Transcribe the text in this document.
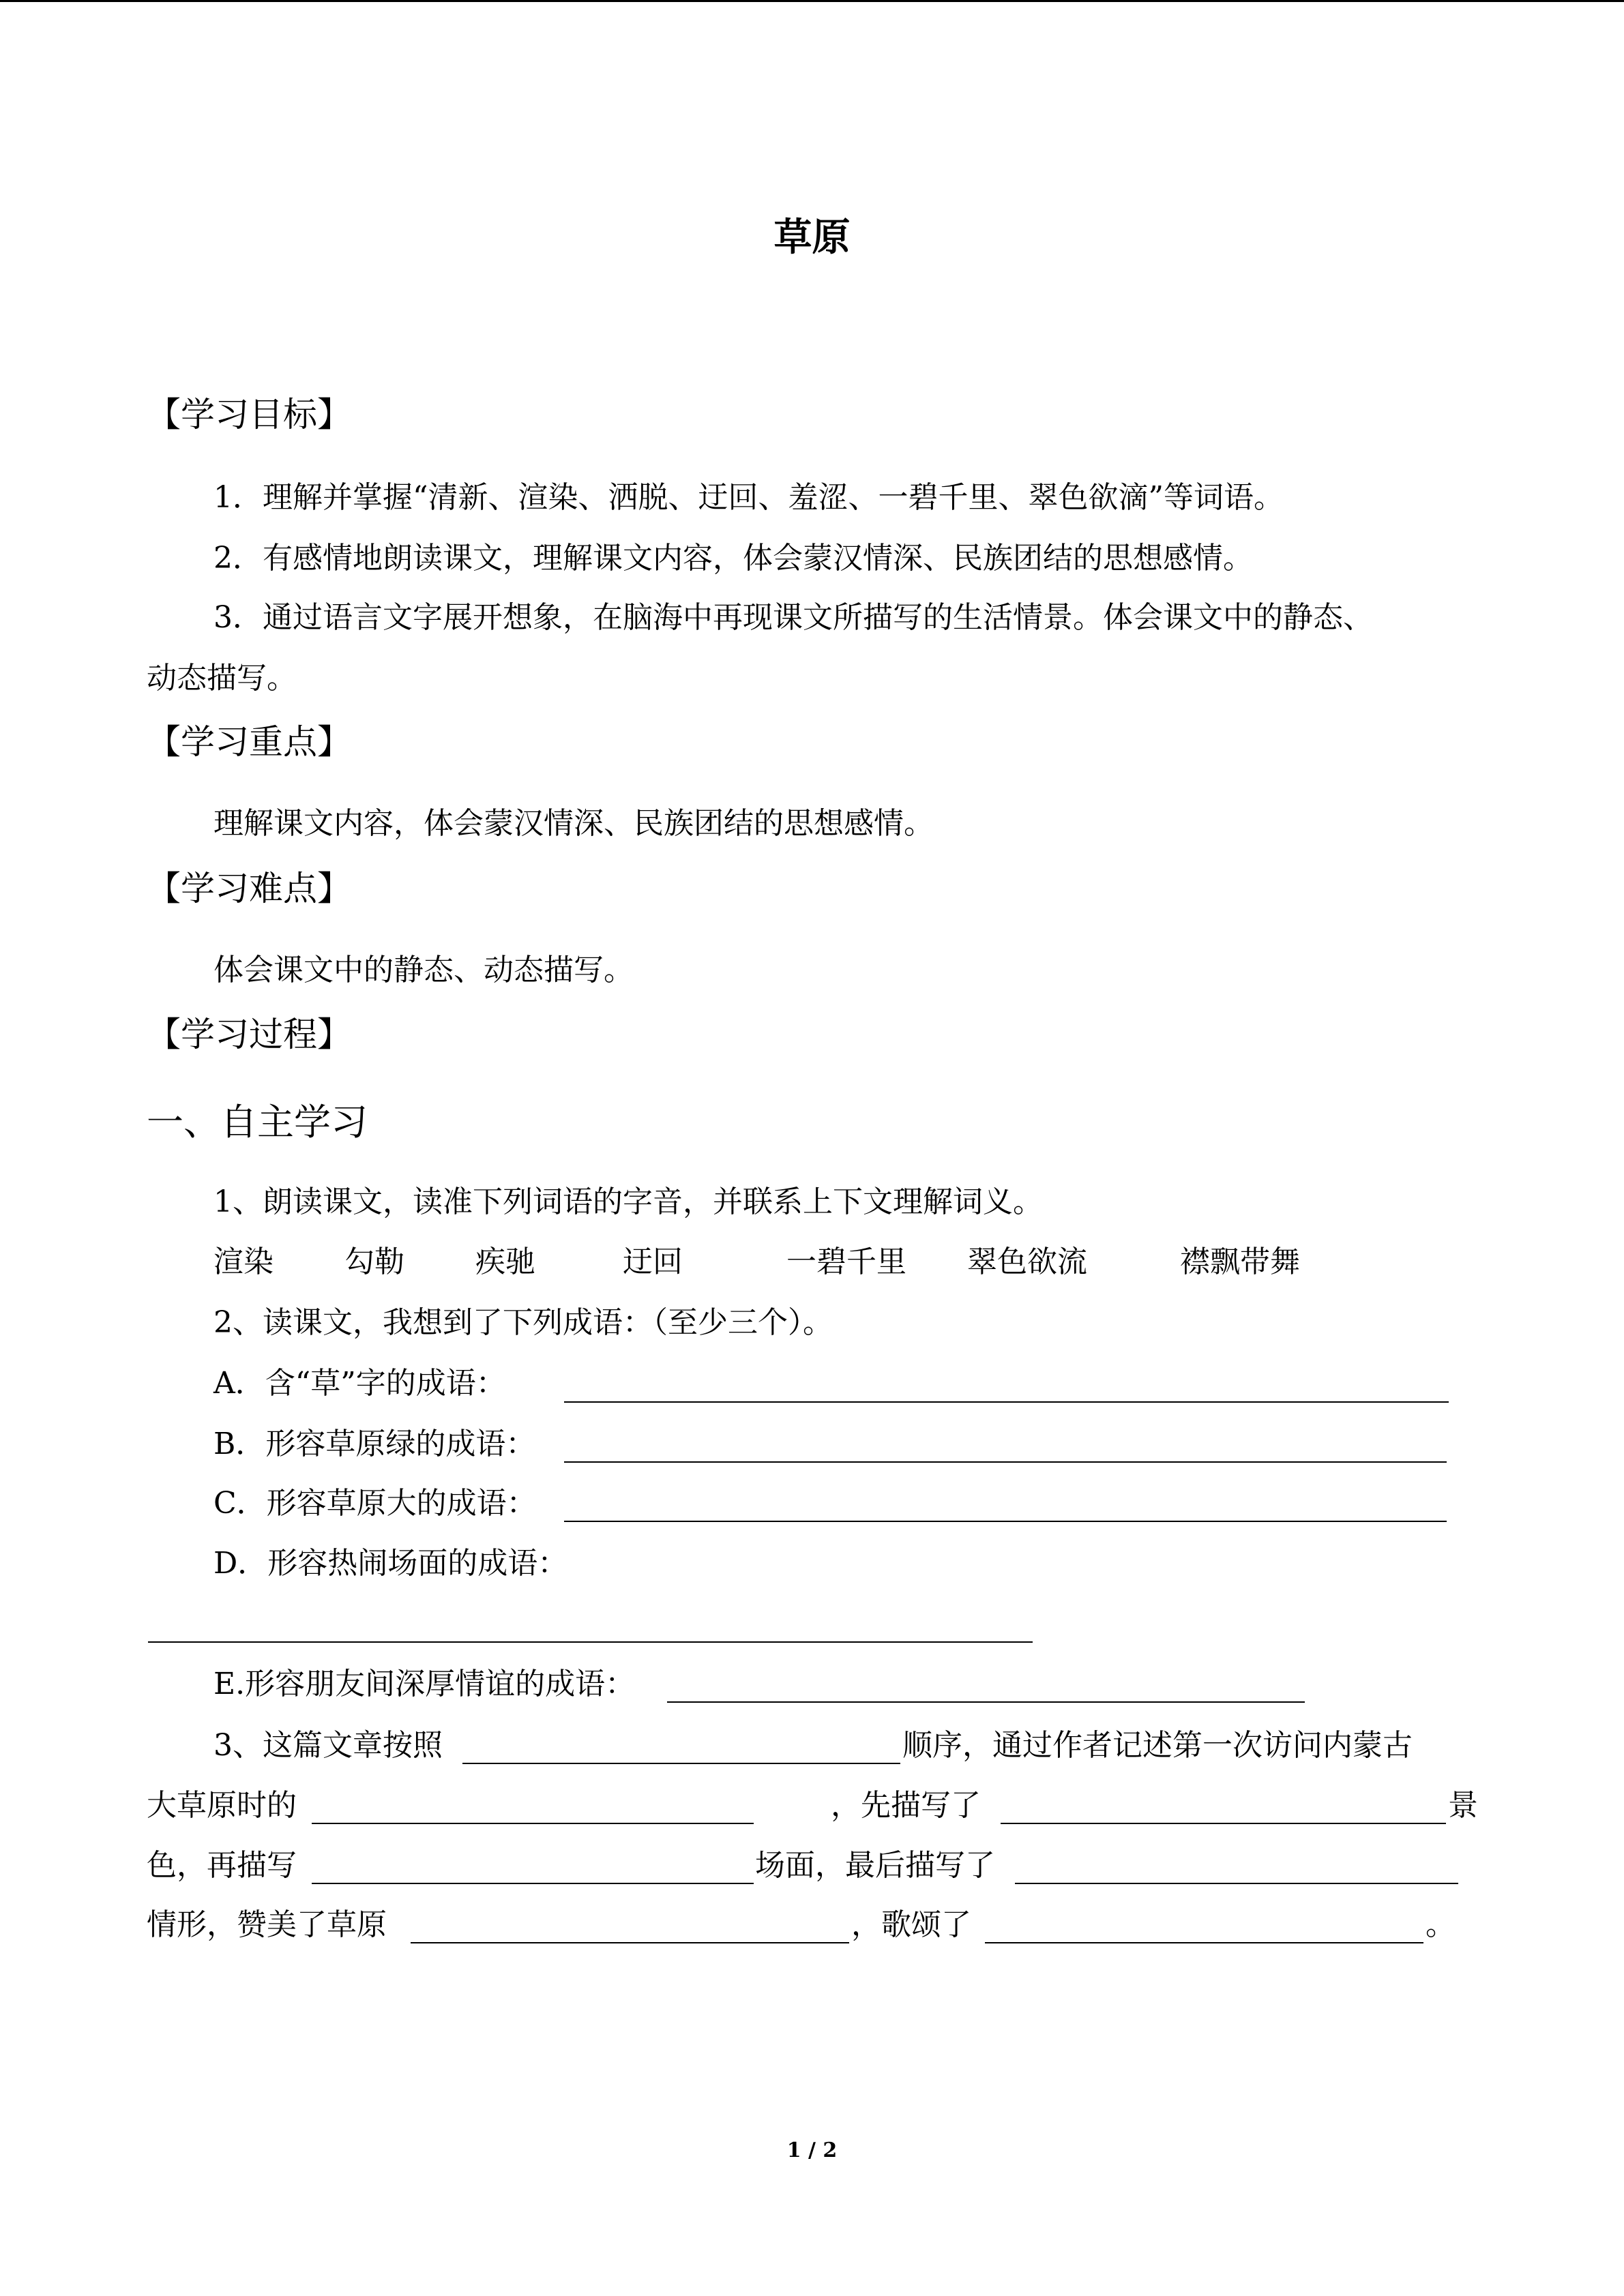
草原
【学习目标】
1．理解并掌握“清新、渲染、洒脱、迂回、羞涩、一碧千里、翠色欲滴”等词语。
2．有感情地朗读课文，理解课文内容，体会蒙汉情深、民族团结的思想感情。
3．通过语言文字展开想象，在脑海中再现课文所描写的生活情景。体会课文中的静态、
动态描写。
【学习重点】
理解课文内容，体会蒙汉情深、民族团结的思想感情。
【学习难点】
体会课文中的静态、动态描写。
【学习过程】
一、自主学习
1、朗读课文，读准下列词语的字音，并联系上下文理解词义。
渲染 勾勒 疾驰	迂回	一碧千里 翠色欲流	襟飘带舞
2、读课文，我想到了下列成语：（至少三个）。
A．含“草”字的成语：
B．形容草原绿的成语：
C．形容草原大的成语：
D．形容热闹场面的成语：
E.形容朋友间深厚情谊的成语：
3、这篇文章按照	顺序，通过作者记述第一次访问内蒙古
大草原时的	，先描写了	景
色，再描写	场面，最后描写了
情形，赞美了草原	，歌颂了	。
1 / 2
